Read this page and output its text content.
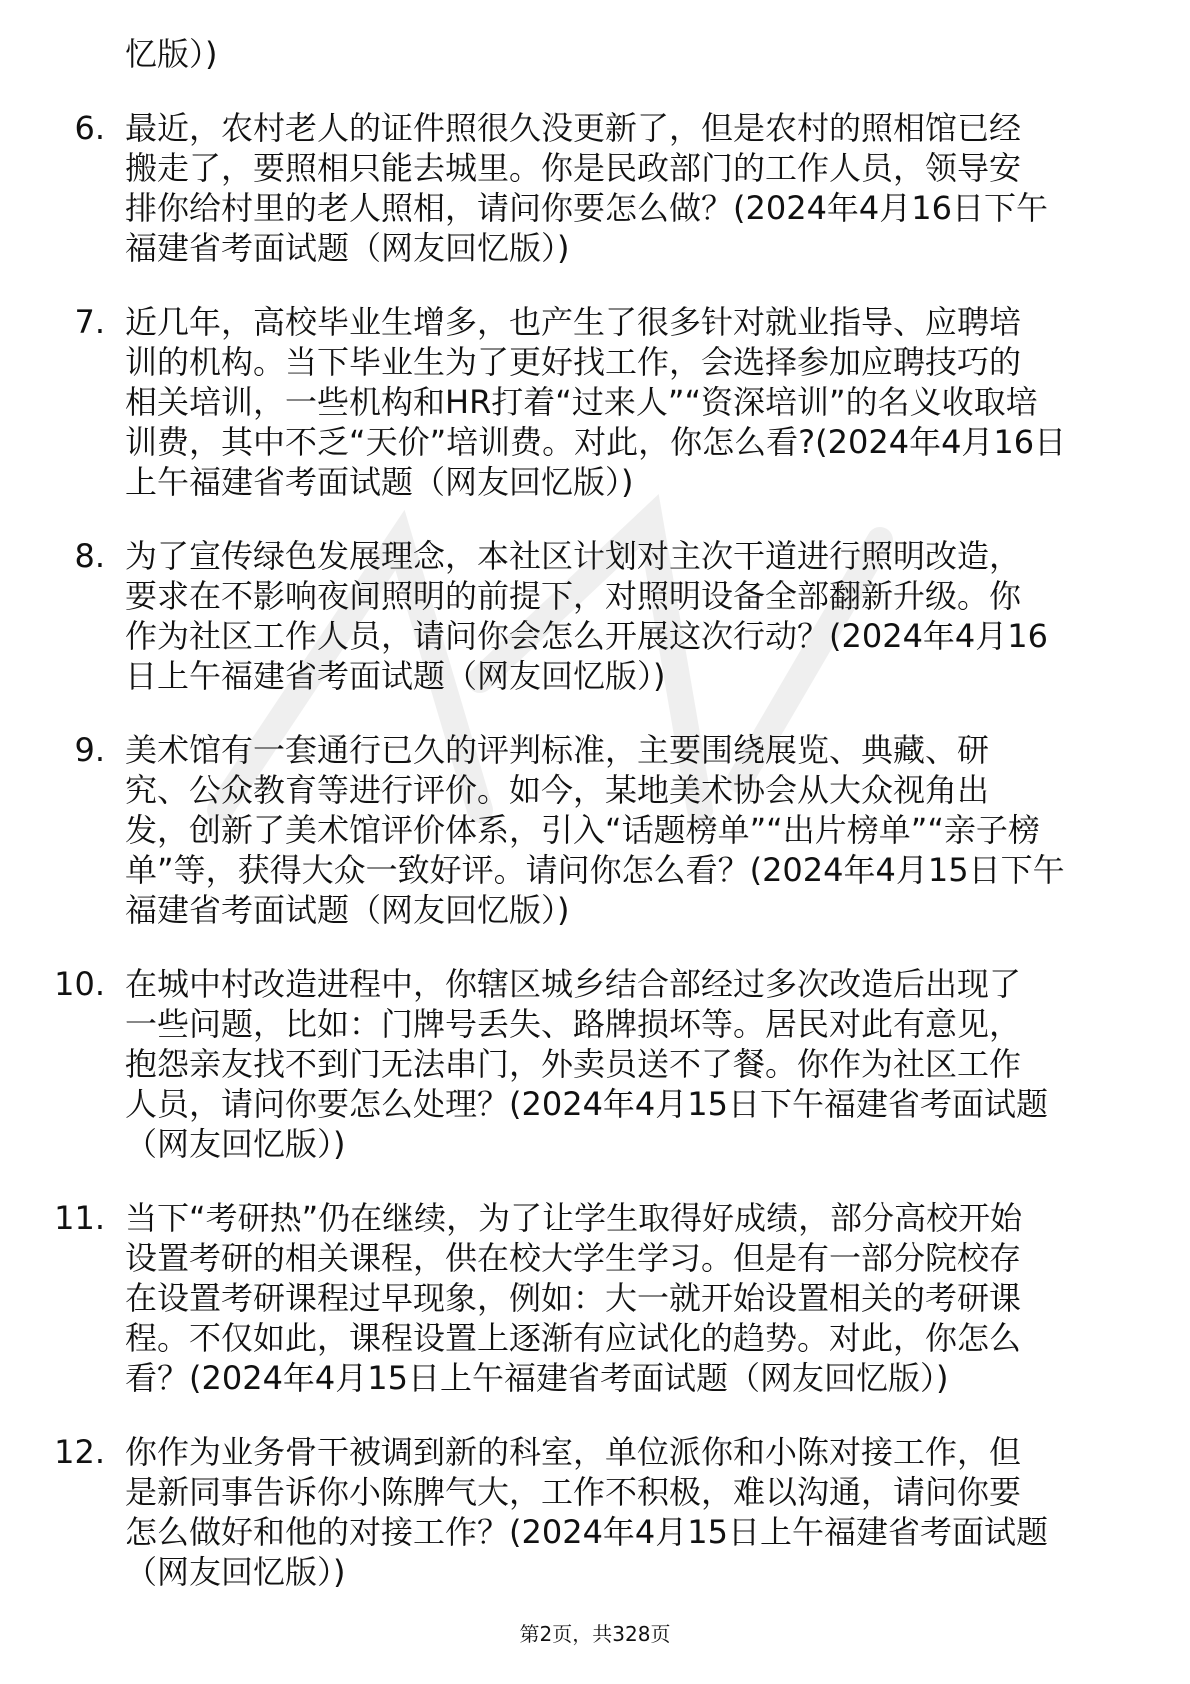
忆版）)
6. 最近，农村老人的证件照很久没更新了，但是农村的照相馆已经
搬走了，要照相只能去城里。你是民政部门的工作人员，领导安
排你给村里的老人照相，请问你要怎么做？(2024年4月16日下午
福建省考面试题（网友回忆版）)
7. 近几年，高校毕业生增多，也产生了很多针对就业指导、应聘培
训的机构。当下毕业生为了更好找工作，会选择参加应聘技巧的
相关培训，一些机构和HR打着“过来人”“资深培训”的名义收取培
训费，其中不乏“天价”培训费。对此，你怎么看?(2024年4月16日
上午福建省考面试题（网友回忆版）)
8. 为了宣传绿色发展理念，本社区计划对主次干道进行照明改造，
要求在不影响夜间照明的前提下，对照明设备全部翻新升级。你
作为社区工作人员，请问你会怎么开展这次行动？(2024年4月16
日上午福建省考面试题（网友回忆版）)
9. 美术馆有一套通行已久的评判标准，主要围绕展览、典藏、研
究、公众教育等进行评价。如今，某地美术协会从大众视角出
发，创新了美术馆评价体系，引入“话题榜单”“出片榜单”“亲子榜
单”等，获得大众一致好评。请问你怎么看？(2024年4月15日下午
福建省考面试题（网友回忆版）)
10. 在城中村改造进程中，你辖区城乡结合部经过多次改造后出现了
一些问题，比如：门牌号丢失、路牌损坏等。居民对此有意见，
抱怨亲友找不到门无法串门，外卖员送不了餐。你作为社区工作
人员，请问你要怎么处理？(2024年4月15日下午福建省考面试题
（网友回忆版）)
11. 当下“考研热”仍在继续，为了让学生取得好成绩，部分高校开始
设置考研的相关课程，供在校大学生学习。但是有一部分院校存
在设置考研课程过早现象，例如：大一就开始设置相关的考研课
程。不仅如此，课程设置上逐渐有应试化的趋势。对此，你怎么
看？(2024年4月15日上午福建省考面试题（网友回忆版）)
12. 你作为业务骨干被调到新的科室，单位派你和小陈对接工作，但
是新同事告诉你小陈脾气大，工作不积极，难以沟通，请问你要
怎么做好和他的对接工作？(2024年4月15日上午福建省考面试题
（网友回忆版）)
第2页，共328页
